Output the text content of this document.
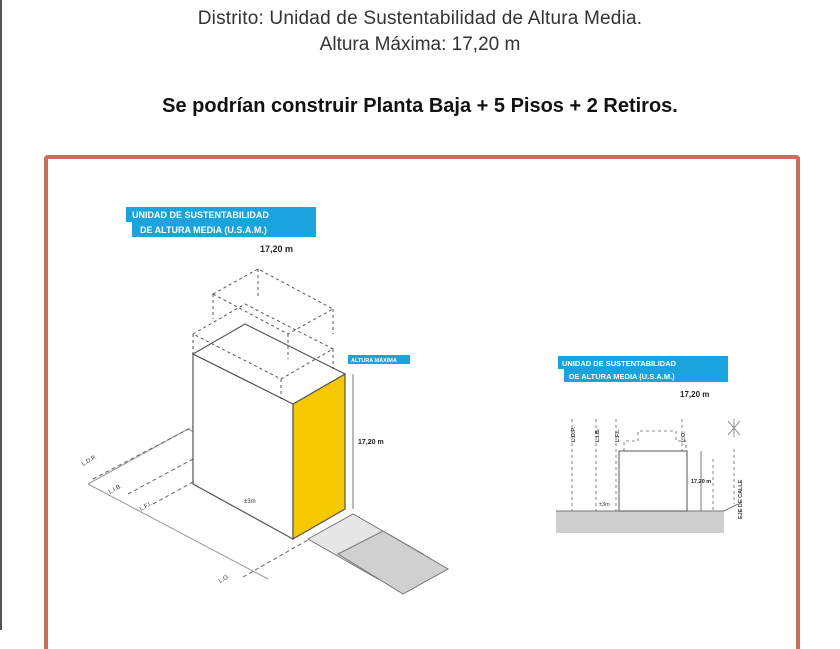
Distrito: Unidad de Sustentabilidad de Altura Media.
Altura Máxima: 17,20 m
Se podrían construir Planta Baja + 5 Pisos + 2 Retiros.
UNIDAD DE SUSTENTABILIDAD
DE ALTURA MEDIA (U.S.A.M.)
17,20 m
ALTURA MÁXIMA
17,20 m
±3m
L.D.P.
L.I.B.
L.F.I.
L.O.
UNIDAD DE SUSTENTABILIDAD
DE ALTURA MEDIA (U.S.A.M.)
17,20 m
17,20 m
±3m
L.D.P.	L.I.B.	L.F.I.	L.O.
EJE DE CALLE
